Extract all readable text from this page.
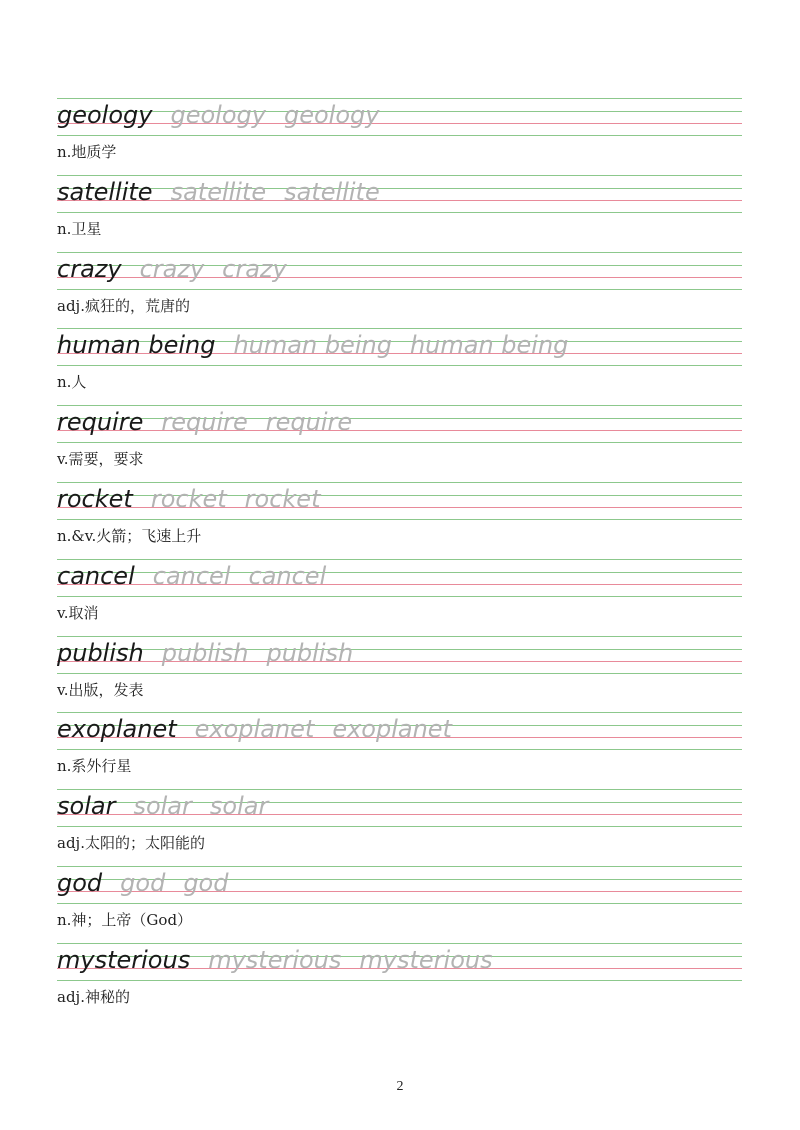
geology geology geology
n.地质学
satellite satellite satellite
n.卫星
crazy crazy crazy
adj.疯狂的，荒唐的
human being human being human being
n.人
require require require
v.需要，要求
rocket rocket rocket
n.&v.火箭；飞速上升
cancel cancel cancel
v.取消
publish publish publish
v.出版，发表
exoplanet exoplanet exoplanet
n.系外行星
solar solar solar
adj.太阳的；太阳能的
god god god
n.神；上帝（God）
mysterious mysterious mysterious
adj.神秘的
2
